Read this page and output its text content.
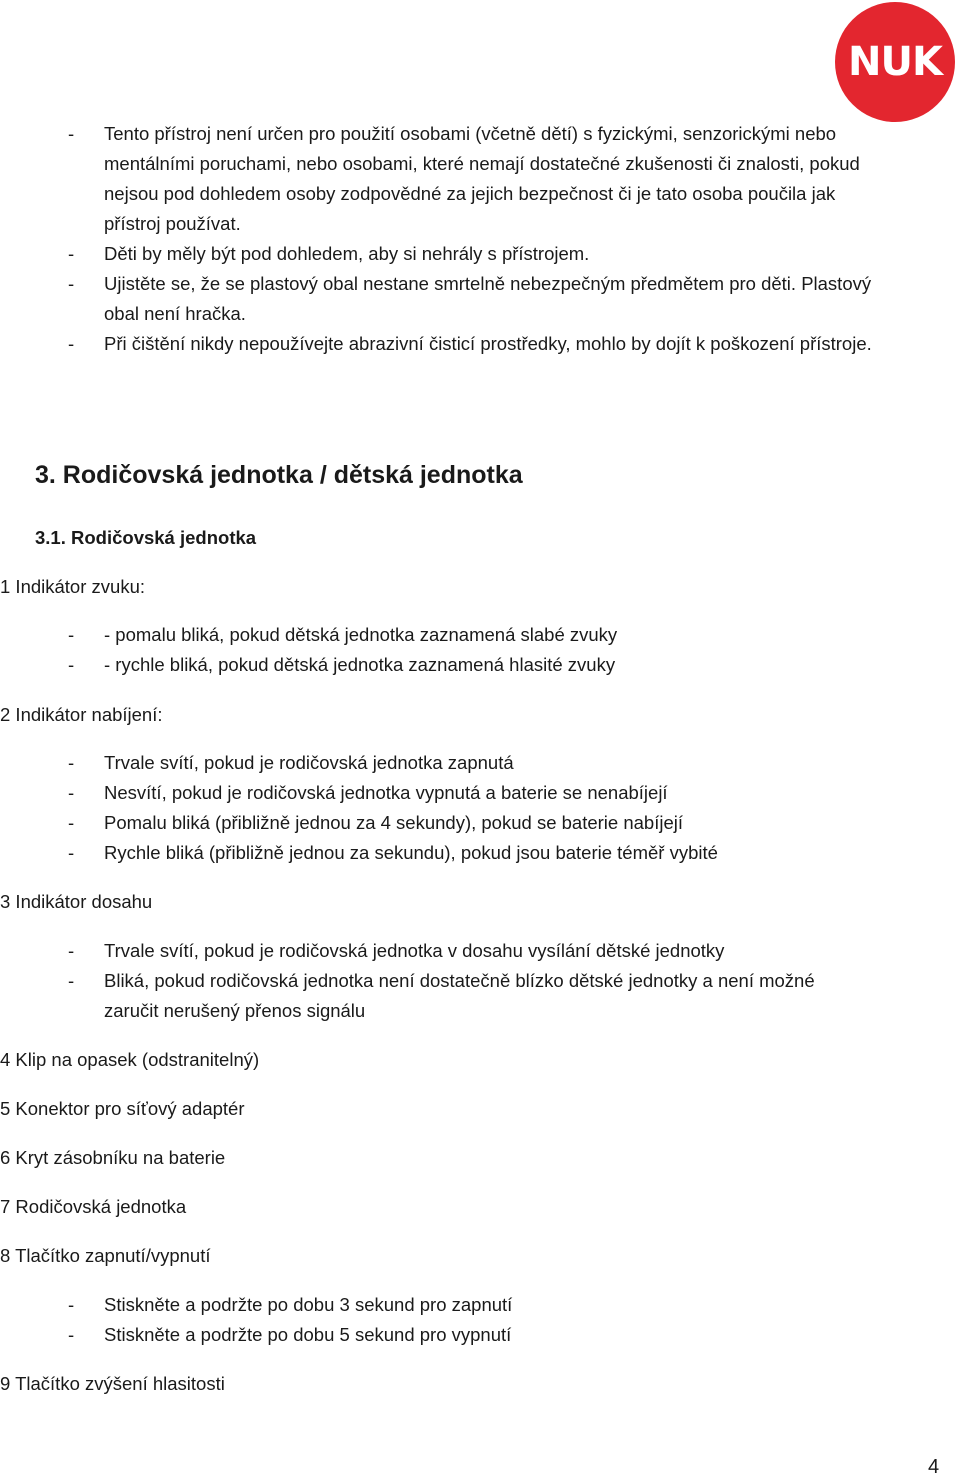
NUK
- Tento přístroj není určen pro použití osobami (včetně dětí) s fyzickými, senzorickými nebo mentálními poruchami, nebo osobami, které nemají dostatečné zkušenosti či znalosti, pokud nejsou pod dohledem osoby zodpovědné za jejich bezpečnost či je tato osoba poučila jak přístroj používat.
- Děti by měly být pod dohledem, aby si nehrály s přístrojem.
- Ujistěte se, že se plastový obal nestane smrtelně nebezpečným předmětem pro děti. Plastový obal není hračka.
- Při čištění nikdy nepoužívejte abrazivní čisticí prostředky, mohlo by dojít k poškození přístroje.
3. Rodičovská jednotka / dětská jednotka
3.1. Rodičovská jednotka

1 Indikátor zvuku:

- - pomalu bliká, pokud dětská jednotka zaznamená slabé zvuky
- - rychle bliká, pokud dětská jednotka zaznamená hlasité zvuky

2 Indikátor nabíjení:

- Trvale svítí, pokud je rodičovská jednotka zapnutá
- Nesvítí, pokud je rodičovská jednotka vypnutá a baterie se nenabíjejí
- Pomalu bliká (přibližně jednou za 4 sekundy), pokud se baterie nabíjejí
- Rychle bliká (přibližně jednou za sekundu), pokud jsou baterie téměř vybité

3 Indikátor dosahu

- Trvale svítí, pokud je rodičovská jednotka v dosahu vysílání dětské jednotky
- Bliká, pokud rodičovská jednotka není dostatečně blízko dětské jednotky a není možné zaručit nerušený přenos signálu

4 Klip na opasek (odstranitelný)

5 Konektor pro síťový adaptér

6 Kryt zásobníku na baterie

7 Rodičovská jednotka

8 Tlačítko zapnutí/vypnutí

- Stiskněte a podržte po dobu 3 sekund pro zapnutí
- Stiskněte a podržte po dobu 5 sekund pro vypnutí

9 Tlačítko zvýšení hlasitosti

4
